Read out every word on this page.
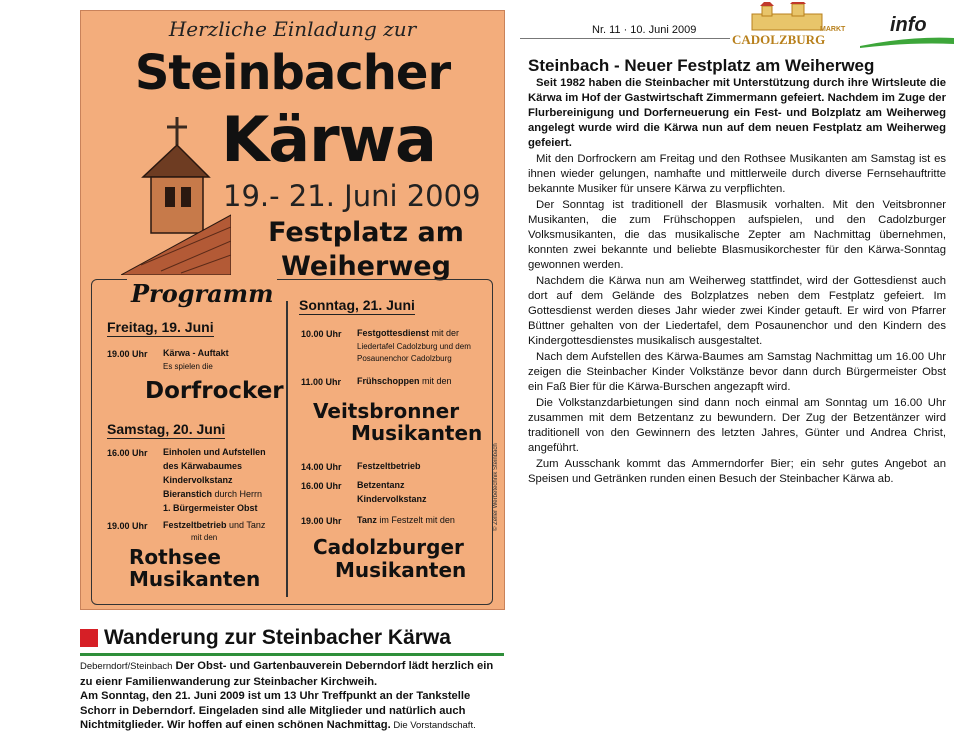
Herzliche Einladung zur
Steinbacher
Kärwa
19.- 21. Juni 2009
Festplatz am
Weiherweg
Programm
Freitag, 19. Juni
19.00 Uhr Kärwa - Auftakt
Es spielen die
Dorfrocker
Samstag, 20. Juni
16.00 Uhr Einholen und Aufstellen
des Kärwabaumes
Kindervolkstanz
Bieranstich durch Herrn
1. Bürgermeister Obst
19.00 Uhr Festzeltbetrieb und Tanz
mit den
Rothsee
Musikanten
Sonntag, 21. Juni
10.00 Uhr Festgottesdienst mit der
Liedertafel Cadolzburg und dem
Posaunenchor Cadolzburg
11.00 Uhr Frühschoppen mit den
Veitsbronner
Musikanten
14.00 Uhr Festzeltbetrieb
16.00 Uhr Betzentanz
Kindervolkstanz
19.00 Uhr Tanz im Festzelt mit den
Cadolzburger
Musikanten
© Zeller Werbetechnik Steinbach
Wanderung zur Steinbacher Kärwa
Deberndorf/Steinbach Der Obst- und Gartenbauverein Deberndorf lädt herzlich ein zu eienr Familienwanderung zur Steinbacher Kirchweih.
Am Sonntag, den 21. Juni 2009 ist um 13 Uhr Treffpunkt an der Tankstelle Schorr in Deberndorf. Eingeladen sind alle Mitglieder und natürlich auch Nichtmitglieder. Wir hoffen auf einen schönen Nachmittag. Die Vorstandschaft.
Nr. 11 · 10. Juni 2009	MARKT
CADOLZBURG
info
Steinbach - Neuer Festplatz am Weiherweg

Seit 1982 haben die Steinbacher mit Unterstützung durch ihre Wirtsleute die Kärwa im Hof der Gastwirtschaft Zimmermann gefeiert. Nachdem im Zuge der Flurbereinigung und Dorferneuerung ein Fest- und Bolzplatz am Weiherweg angelegt wurde wird die Kärwa nun auf dem neuen Festplatz am Weiherweg gefeiert.

Mit den Dorfrockern am Freitag und den Rothsee Musikanten am Samstag ist es ihnen wieder gelungen, namhafte und mittlerweile durch diverse Fernsehauftritte bekannte Musiker für unsere Kärwa zu verpflichten.

Der Sonntag ist traditionell der Blasmusik vorhalten. Mit den Veitsbronner Musikanten, die zum Frühschoppen aufspielen, und den Cadolzburger Volksmusikanten, die das musikalische Zepter am Nachmittag übernehmen, konnten zwei bekannte und beliebte Blasmusikorchester für den Kärwa-Sonntag gewonnen werden.

Nachdem die Kärwa nun am Weiherweg stattfindet, wird der Gottesdienst auch dort auf dem Gelände des Bolzplatzes neben dem Festplatz gefeiert. Im Gottesdienst werden dieses Jahr wieder zwei Kinder getauft. Er wird von Pfarrer Büttner gehalten von der Liedertafel, dem Posaunenchor und den Kindern des Kindergottesdienstes musikalisch ausgestaltet.

Nach dem Aufstellen des Kärwa-Baumes am Samstag Nachmittag um 16.00 Uhr zeigen die Steinbacher Kinder Volkstänze bevor dann durch Bürgermeister Obst ein Faß Bier für die Kärwa-Burschen angezapft wird.

Die Volkstanzdarbietungen sind dann noch einmal am Sonntag um 16.00 Uhr zusammen mit dem Betzentanz zu bewundern. Der Zug der Betzentänzer wird traditionell von den Gewinnern des letzten Jahres, Günter und Andrea Christ, angeführt.

Zum Ausschank kommt das Ammerndorfer Bier; ein sehr gutes Angebot an Speisen und Getränken runden einen Besuch der Steinbacher Kärwa ab.
